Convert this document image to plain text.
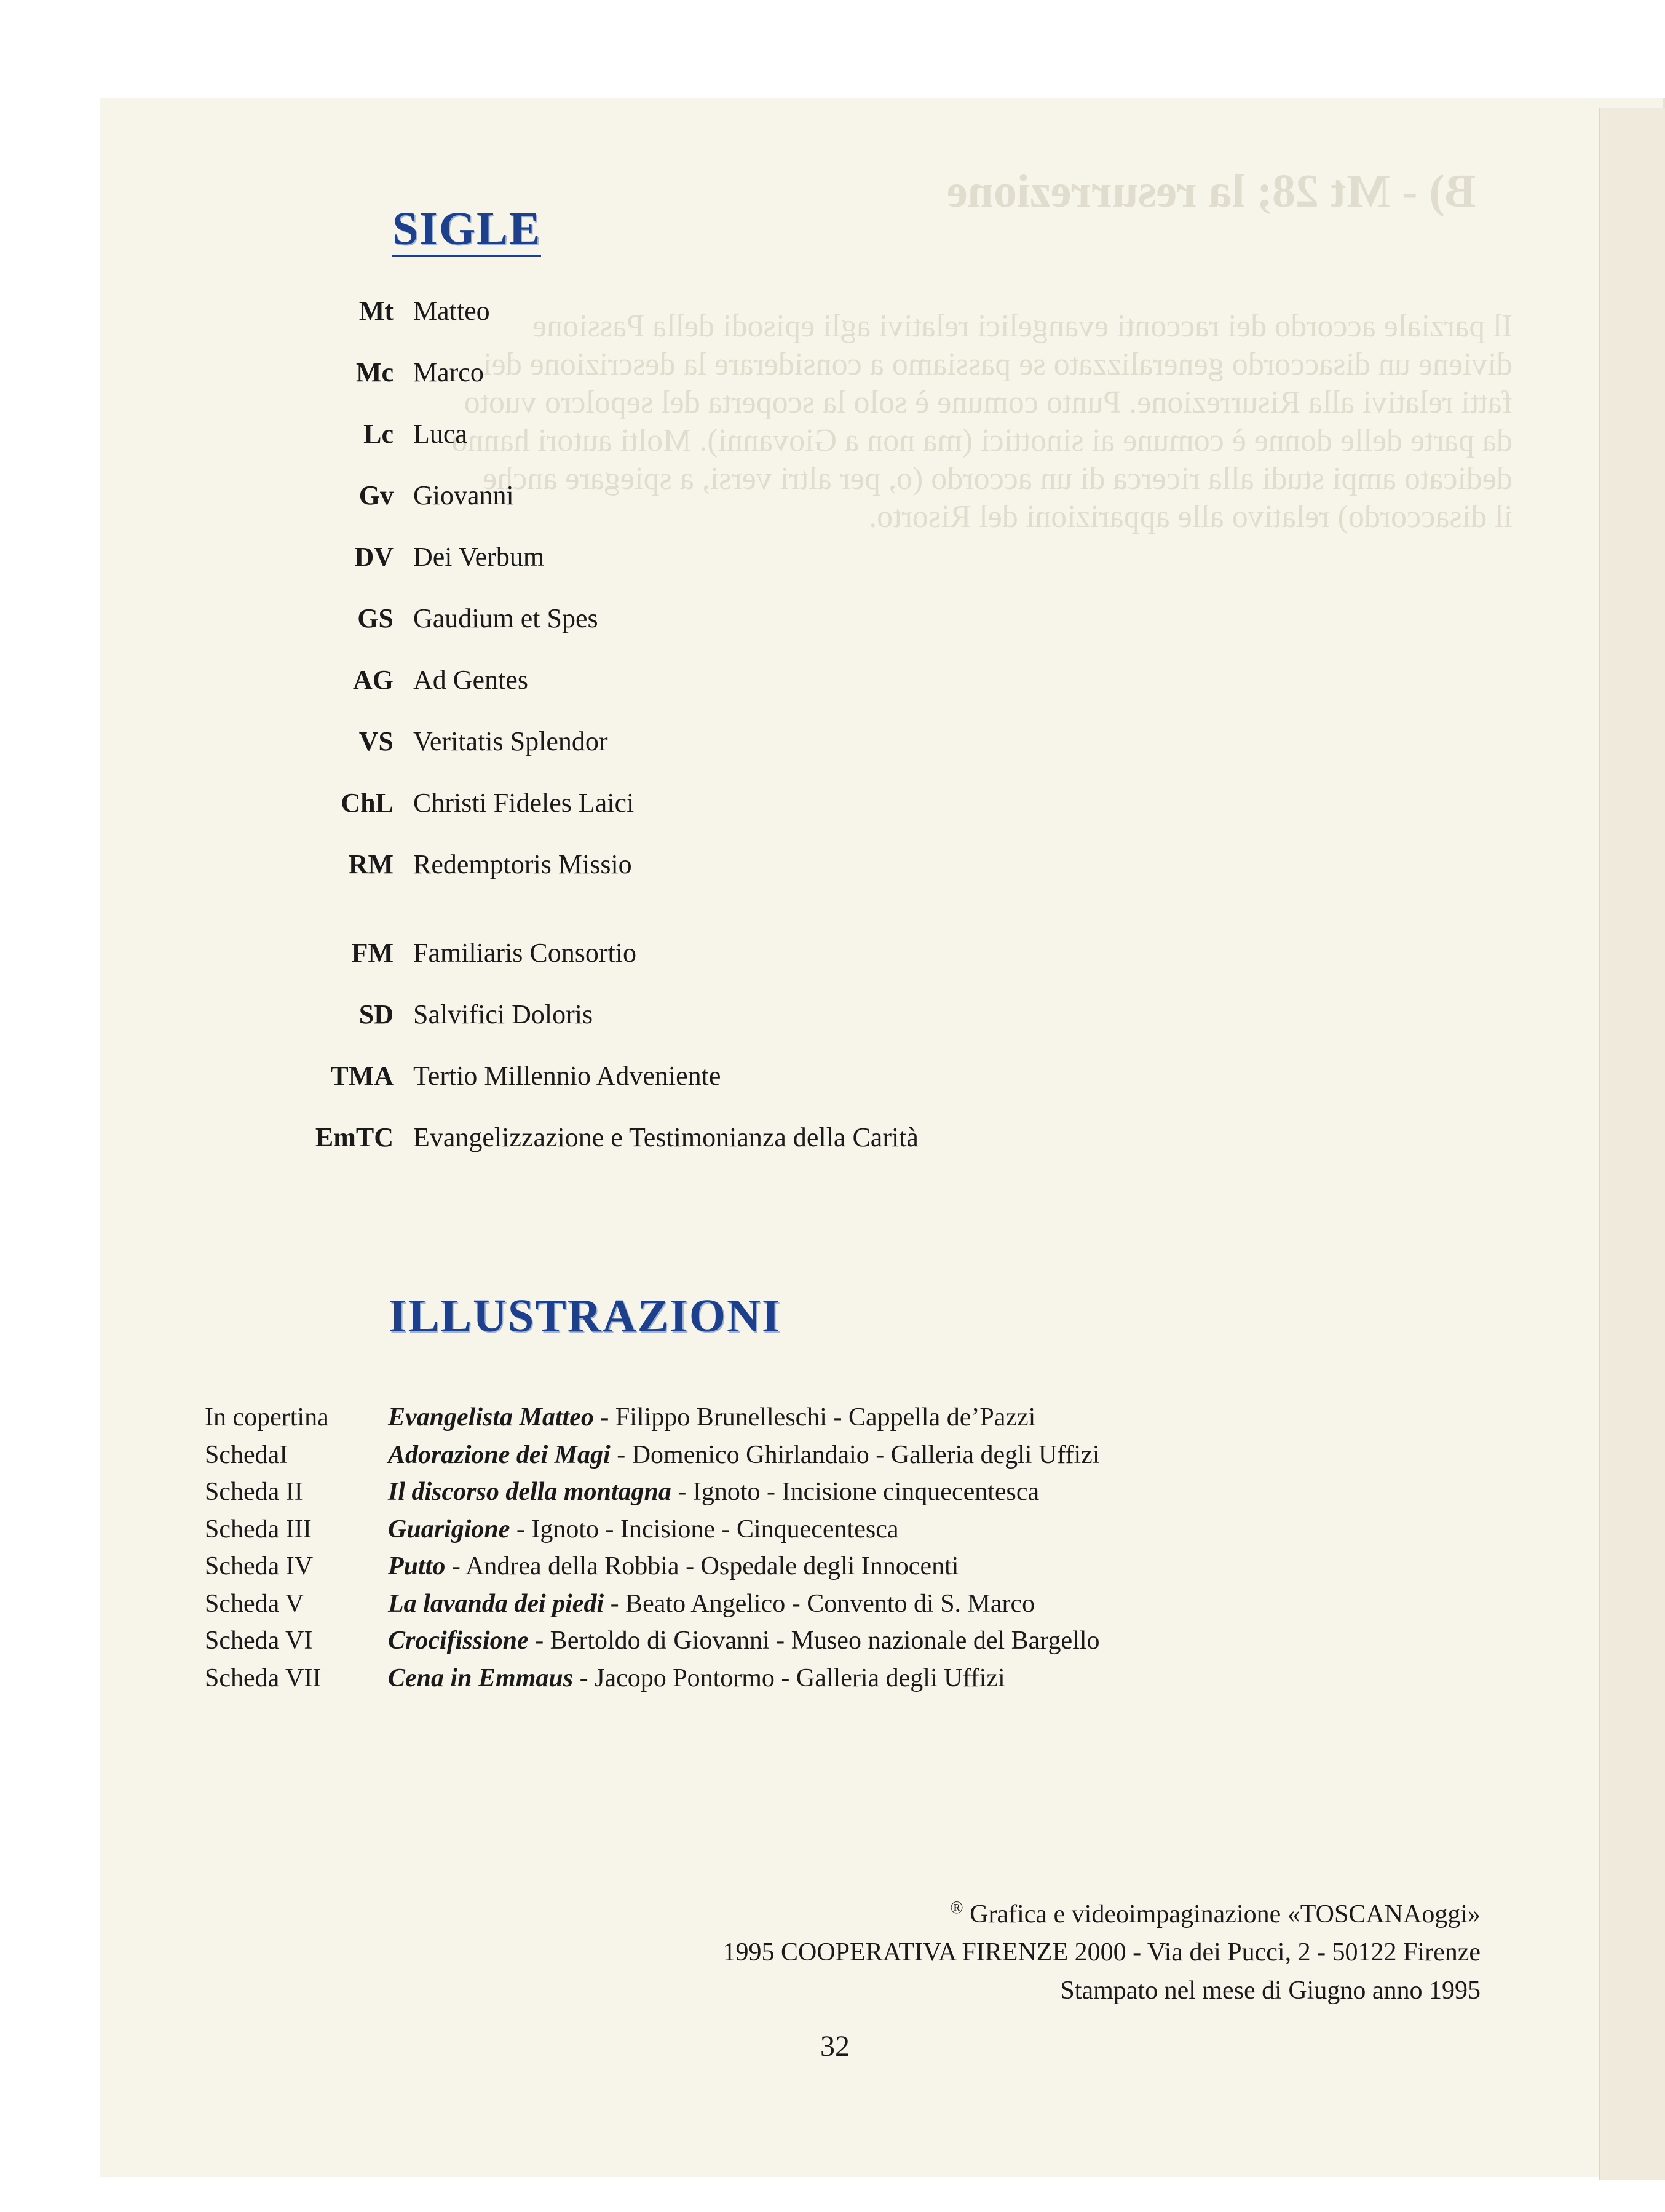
B) - Mt 28; la resurrezione
Il parziale accordo dei racconti evangelici relativi agli episodi della Passione
diviene un disaccordo generalizzato se passiamo a considerare la descrizione dei
fatti relativi alla Risurrezione. Punto comune è solo la scoperta del sepolcro vuoto
da parte delle donne è comune ai sinottici (ma non a Giovanni). Molti autori hanno
dedicato ampi studi alla ricerca di un accordo (o, per altri versi, a spiegare anche
il disaccordo) relativo alle apparizioni del Risorto.
SIGLE
Mt Matteo
Mc Marco
Lc Luca
Gv Giovanni
DV Dei Verbum
GS Gaudium et Spes
AG Ad Gentes
VS Veritatis Splendor
ChL Christi Fideles Laici
RM Redemptoris Missio
FM Familiaris Consortio
SD Salvifici Doloris
TMA Tertio Millennio Adveniente
EmTC Evangelizzazione e Testimonianza della Carità
ILLUSTRAZIONI
In copertina	Evangelista Matteo - Filippo Brunelleschi - Cappella de’Pazzi
SchedaI	Adorazione dei Magi - Domenico Ghirlandaio - Galleria degli Uffizi
Scheda II	Il discorso della montagna - Ignoto - Incisione cinquecentesca
Scheda III	Guarigione - Ignoto - Incisione - Cinquecentesca
Scheda IV	Putto - Andrea della Robbia - Ospedale degli Innocenti
Scheda V	La lavanda dei piedi - Beato Angelico - Convento di S. Marco
Scheda VI	Crocifissione - Bertoldo di Giovanni - Museo nazionale del Bargello
Scheda VII	Cena in Emmaus - Jacopo Pontormo - Galleria degli Uffizi
® Grafica e videoimpaginazione «TOSCANAoggi»
1995 COOPERATIVA FIRENZE 2000 - Via dei Pucci, 2 - 50122 Firenze
Stampato nel mese di Giugno anno 1995
32
